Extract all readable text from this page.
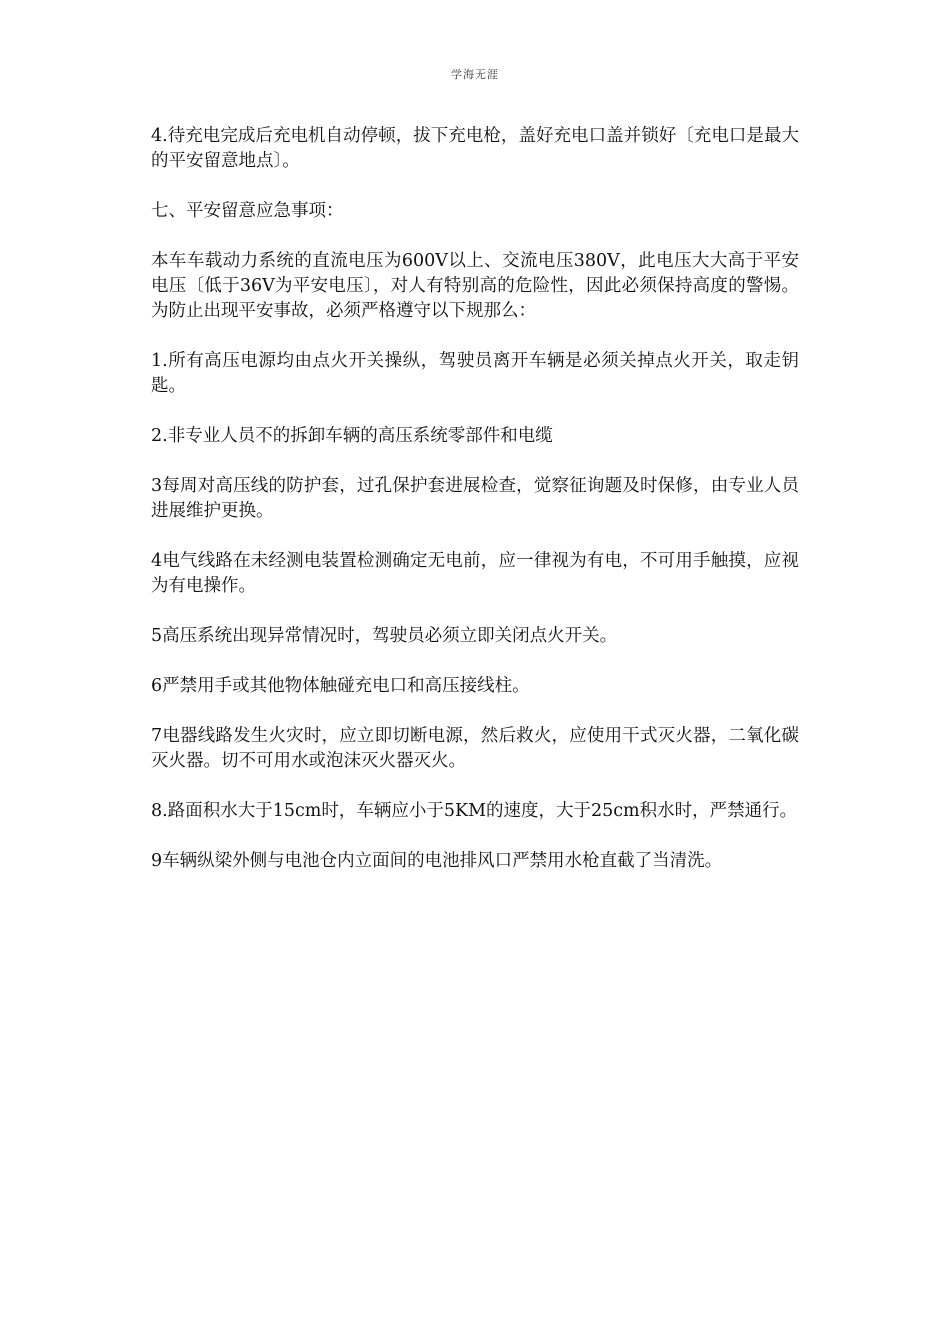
学海无涯

4.待充电完成后充电机自动停顿，拔下充电枪，盖好充电口盖并锁好〔充电口是最大的平安留意地点〕。

七、平安留意应急事项：

本车车载动力系统的直流电压为600V以上、交流电压380V，此电压大大高于平安电压〔低于36V为平安电压〕，对人有特别高的危险性，因此必须保持高度的警惕。为防止出现平安事故，必须严格遵守以下规那么：

1.所有高压电源均由点火开关操纵，驾驶员离开车辆是必须关掉点火开关，取走钥匙。

2.非专业人员不的拆卸车辆的高压系统零部件和电缆

3每周对高压线的防护套，过孔保护套进展检查，觉察征询题及时保修，由专业人员进展维护更换。

4电气线路在未经测电装置检测确定无电前，应一律视为有电，不可用手触摸，应视为有电操作。

5高压系统出现异常情况时，驾驶员必须立即关闭点火开关。

6严禁用手或其他物体触碰充电口和高压接线柱。

7电器线路发生火灾时，应立即切断电源，然后救火，应使用干式灭火器，二氧化碳灭火器。切不可用水或泡沫灭火器灭火。

8.路面积水大于15cm时，车辆应小于5KM的速度，大于25cm积水时，严禁通行。

9车辆纵梁外侧与电池仓内立面间的电池排风口严禁用水枪直截了当清洗。
